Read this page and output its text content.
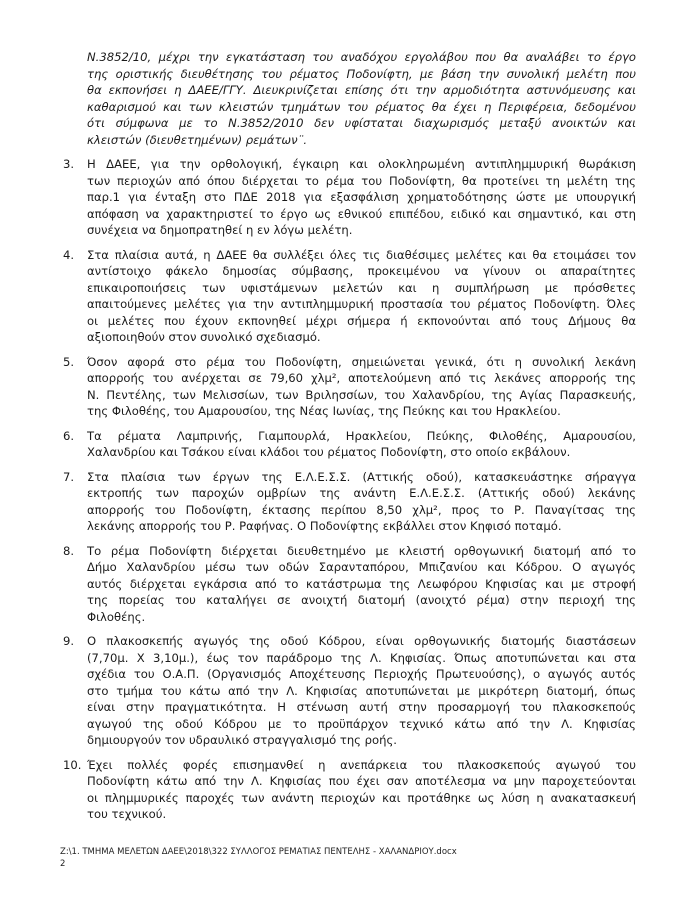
N.3852/10, μέχρι την εγκατάσταση του αναδόχου εργολάβου που θα αναλάβει το έργο
της οριστικής διευθέτησης του ρέματος Ποδονίφτη, με βάση την συνολική μελέτη που
θα εκπονήσει η ΔΑΕΕ/ΓΓΥ. Διευκρινίζεται επίσης ότι την αρμοδιότητα αστυνόμευσης και
καθαρισμού και των κλειστών τμημάτων του ρέματος θα έχει η Περιφέρεια, δεδομένου
ότι σύμφωνα με το Ν.3852/2010 δεν υφίσταται διαχωρισμός μεταξύ ανοικτών και
κλειστών (διευθετημένων) ρεμάτων¨.
3. Η ΔΑΕΕ, για την ορθολογική, έγκαιρη και ολοκληρωμένη αντιπλημμυρική θωράκιση
των περιοχών από όπου διέρχεται το ρέμα του Ποδονίφτη, θα προτείνει τη μελέτη της
παρ.1 για ένταξη στο ΠΔΕ 2018 για εξασφάλιση χρηματοδότησης ώστε με υπουργική
απόφαση να χαρακτηριστεί το έργο ως εθνικού επιπέδου, ειδικό και σημαντικό, και στη
συνέχεια να δημοπρατηθεί η εν λόγω μελέτη.
4. Στα πλαίσια αυτά, η ΔΑΕΕ θα συλλέξει όλες τις διαθέσιμες μελέτες και θα ετοιμάσει τον
αντίστοιχο φάκελο δημοσίας σύμβασης, προκειμένου να γίνουν οι απαραίτητες
επικαιροποιήσεις των υφιστάμενων μελετών και η συμπλήρωση με πρόσθετες
απαιτούμενες μελέτες για την αντιπλημμυρική προστασία του ρέματος Ποδονίφτη. Όλες
οι μελέτες που έχουν εκπονηθεί μέχρι σήμερα ή εκπονούνται από τους Δήμους θα
αξιοποιηθούν στον συνολικό σχεδιασμό.
5. Όσον αφορά στο ρέμα του Ποδονίφτη, σημειώνεται γενικά, ότι η συνολική λεκάνη
απορροής του ανέρχεται σε 79,60 χλμ², αποτελούμενη από τις λεκάνες απορροής της
Ν. Πεντέλης, των Μελισσίων, των Βριλησσίων, του Χαλανδρίου, της Αγίας Παρασκευής,
της Φιλοθέης, του Αμαρουσίου, της Νέας Ιωνίας, της Πεύκης και του Ηρακλείου.
6. Τα ρέματα Λαμπρινής, Γιαμπουρλά, Ηρακλείου, Πεύκης, Φιλοθέης, Αμαρουσίου,
Χαλανδρίου και Τσάκου είναι κλάδοι του ρέματος Ποδονίφτη, στο οποίο εκβάλουν.
7. Στα πλαίσια των έργων της Ε.Λ.Ε.Σ.Σ. (Αττικής οδού), κατασκευάστηκε σήραγγα
εκτροπής των παροχών ομβρίων της ανάντη Ε.Λ.Ε.Σ.Σ. (Αττικής οδού) λεκάνης
απορροής του Ποδονίφτη, έκτασης περίπου 8,50 χλμ², προς το Ρ. Παναγίτσας της
λεκάνης απορροής του Ρ. Ραφήνας. Ο Ποδονίφτης εκβάλλει στον Κηφισό ποταμό.
8. Το ρέμα Ποδονίφτη διέρχεται διευθετημένο με κλειστή ορθογωνική διατομή από το
Δήμο Χαλανδρίου μέσω των οδών Σαρανταπόρου, Μπιζανίου και Κόδρου. Ο αγωγός
αυτός διέρχεται εγκάρσια από το κατάστρωμα της Λεωφόρου Κηφισίας και με στροφή
της πορείας του καταλήγει σε ανοιχτή διατομή (ανοιχτό ρέμα) στην περιοχή της
Φιλοθέης.
9. Ο πλακοσκεπής αγωγός της οδού Κόδρου, είναι ορθογωνικής διατομής διαστάσεων
(7,70μ. Χ 3,10μ.), έως τον παράδρομο της Λ. Κηφισίας. Όπως αποτυπώνεται και στα
σχέδια του Ο.Α.Π. (Οργανισμός Αποχέτευσης Περιοχής Πρωτευούσης), ο αγωγός αυτός
στο τμήμα του κάτω από την Λ. Κηφισίας αποτυπώνεται με μικρότερη διατομή, όπως
είναι στην πραγματικότητα. Η στένωση αυτή στην προσαρμογή του πλακοσκεπούς
αγωγού της οδού Κόδρου με το προϋπάρχον τεχνικό κάτω από την Λ. Κηφισίας
δημιουργούν τον υδραυλικό στραγγαλισμό της ροής.
10. Έχει πολλές φορές επισημανθεί η ανεπάρκεια του πλακοσκεπούς αγωγού του
Ποδονίφτη κάτω από την Λ. Κηφισίας που έχει σαν αποτέλεσμα να μην παροχετεύονται
οι πλημμυρικές παροχές των ανάντη περιοχών και προτάθηκε ως λύση η ανακατασκευή
του τεχνικού.
Ζ:\1. ΤΜΗΜΑ ΜΕΛΕΤΩΝ ΔΑΕΕ\2018\322 ΣΥΛΛΟΓΟΣ ΡΕΜΑΤΙΑΣ ΠΕΝΤΕΛΗΣ - ΧΑΛΑΝΔΡΙΟΥ.docx
2
